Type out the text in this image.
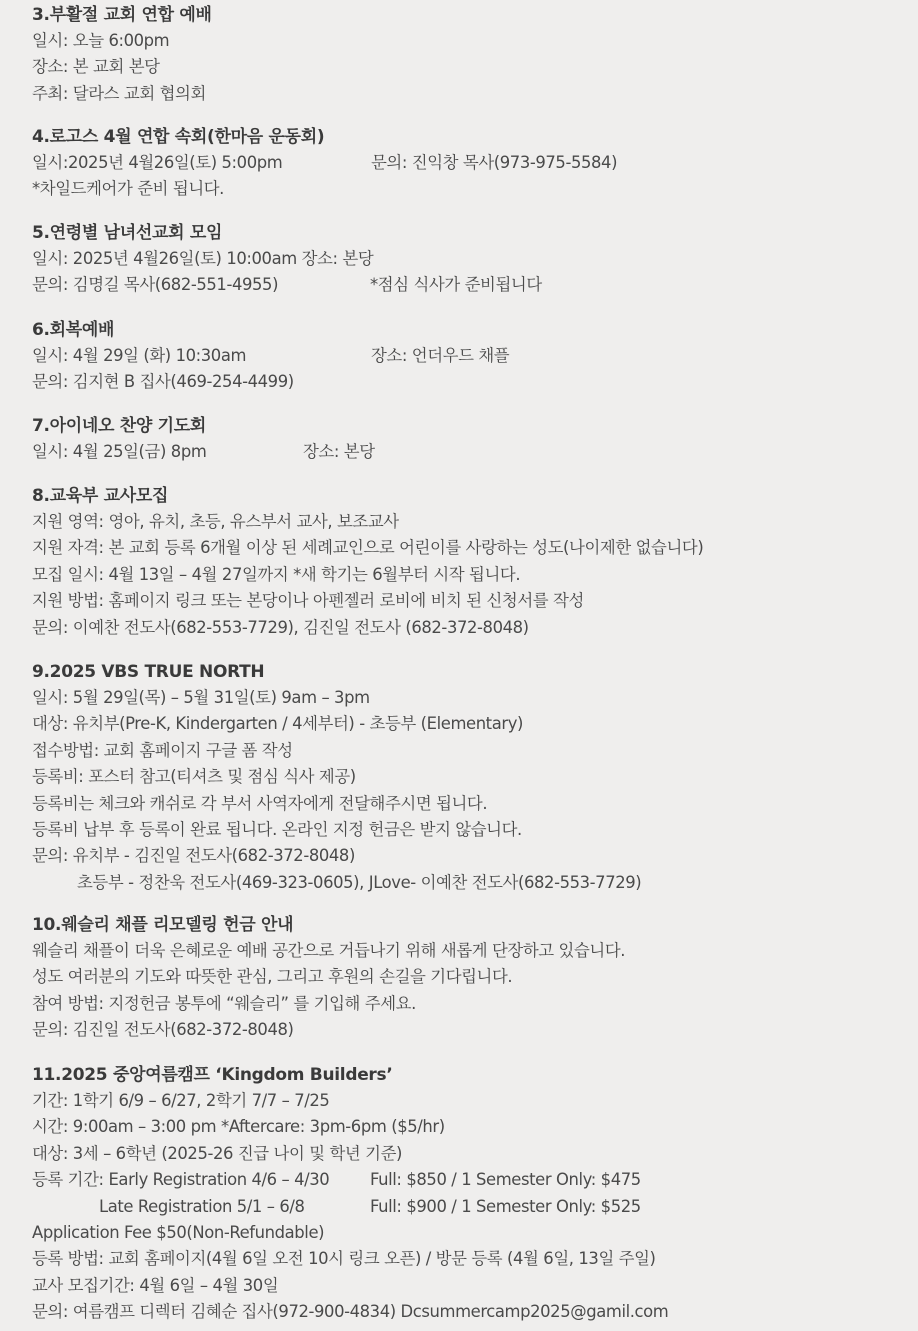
3.부활절 교회 연합 예배
일시: 오늘 6:00pm
장소: 본 교회 본당
주최: 달라스 교회 협의회
4.로고스 4월 연합 속회(한마음 운동회)
일시:2025년 4월26일(토) 5:00pm	문의: 진익창 목사(973-975-5584)
*차일드케어가 준비 됩니다.
5.연령별 남녀선교회 모임
일시: 2025년 4월26일(토) 10:00am 장소: 본당
문의: 김명길 목사(682-551-4955)	*점심 식사가 준비됩니다
6.회복예배
일시: 4월 29일 (화) 10:30am	장소: 언더우드 채플
문의: 김지현 B 집사(469-254-4499)
7.아이네오 찬양 기도회
일시: 4월 25일(금) 8pm	장소: 본당
8.교육부 교사모집
지원 영역: 영아, 유치, 초등, 유스부서 교사, 보조교사
지원 자격: 본 교회 등록 6개월 이상 된 세례교인으로 어린이를 사랑하는 성도(나이제한 없습니다)
모집 일시: 4월 13일 – 4월 27일까지 *새 학기는 6월부터 시작 됩니다.
지원 방법: 홈페이지 링크 또는 본당이나 아펜젤러 로비에 비치 된 신청서를 작성
문의: 이예찬 전도사(682-553-7729), 김진일 전도사 (682-372-8048)
9.2025 VBS TRUE NORTH
일시: 5월 29일(목) – 5월 31일(토) 9am – 3pm
대상: 유치부(Pre-K, Kindergarten / 4세부터) - 초등부 (Elementary)
접수방법: 교회 홈페이지 구글 폼 작성
등록비: 포스터 참고(티셔츠 및 점심 식사 제공)
등록비는 체크와 캐쉬로 각 부서 사역자에게 전달해주시면 됩니다.
등록비 납부 후 등록이 완료 됩니다. 온라인 지정 헌금은 받지 않습니다.
문의: 유치부 - 김진일 전도사(682-372-8048)
초등부 - 정찬욱 전도사(469-323-0605), JLove- 이예찬 전도사(682-553-7729)
10.웨슬리 채플 리모델링 헌금 안내
웨슬리 채플이 더욱 은혜로운 예배 공간으로 거듭나기 위해 새롭게 단장하고 있습니다.
성도 여러분의 기도와 따뜻한 관심, 그리고 후원의 손길을 기다립니다.
참여 방법: 지정헌금 봉투에 “웨슬리” 를 기입해 주세요.
문의: 김진일 전도사(682-372-8048)
11.2025 중앙여름캠프 ‘Kingdom Builders’
기간: 1학기 6/9 – 6/27, 2학기 7/7 – 7/25
시간: 9:00am – 3:00 pm *Aftercare: 3pm-6pm ($5/hr)
대상: 3세 – 6학년 (2025-26 진급 나이 및 학년 기준)
등록 기간: Early Registration 4/6 – 4/30 Full: $850 / 1 Semester Only: $475
Late Registration 5/1 – 6/8	Full: $900 / 1 Semester Only: $525
Application Fee $50(Non-Refundable)
등록 방법: 교회 홈페이지(4월 6일 오전 10시 링크 오픈) / 방문 등록 (4월 6일, 13일 주일)
교사 모집기간: 4월 6일 – 4월 30일
문의: 여름캠프 디렉터 김혜순 집사(972-900-4834) Dcsummercamp2025@gamil.com
